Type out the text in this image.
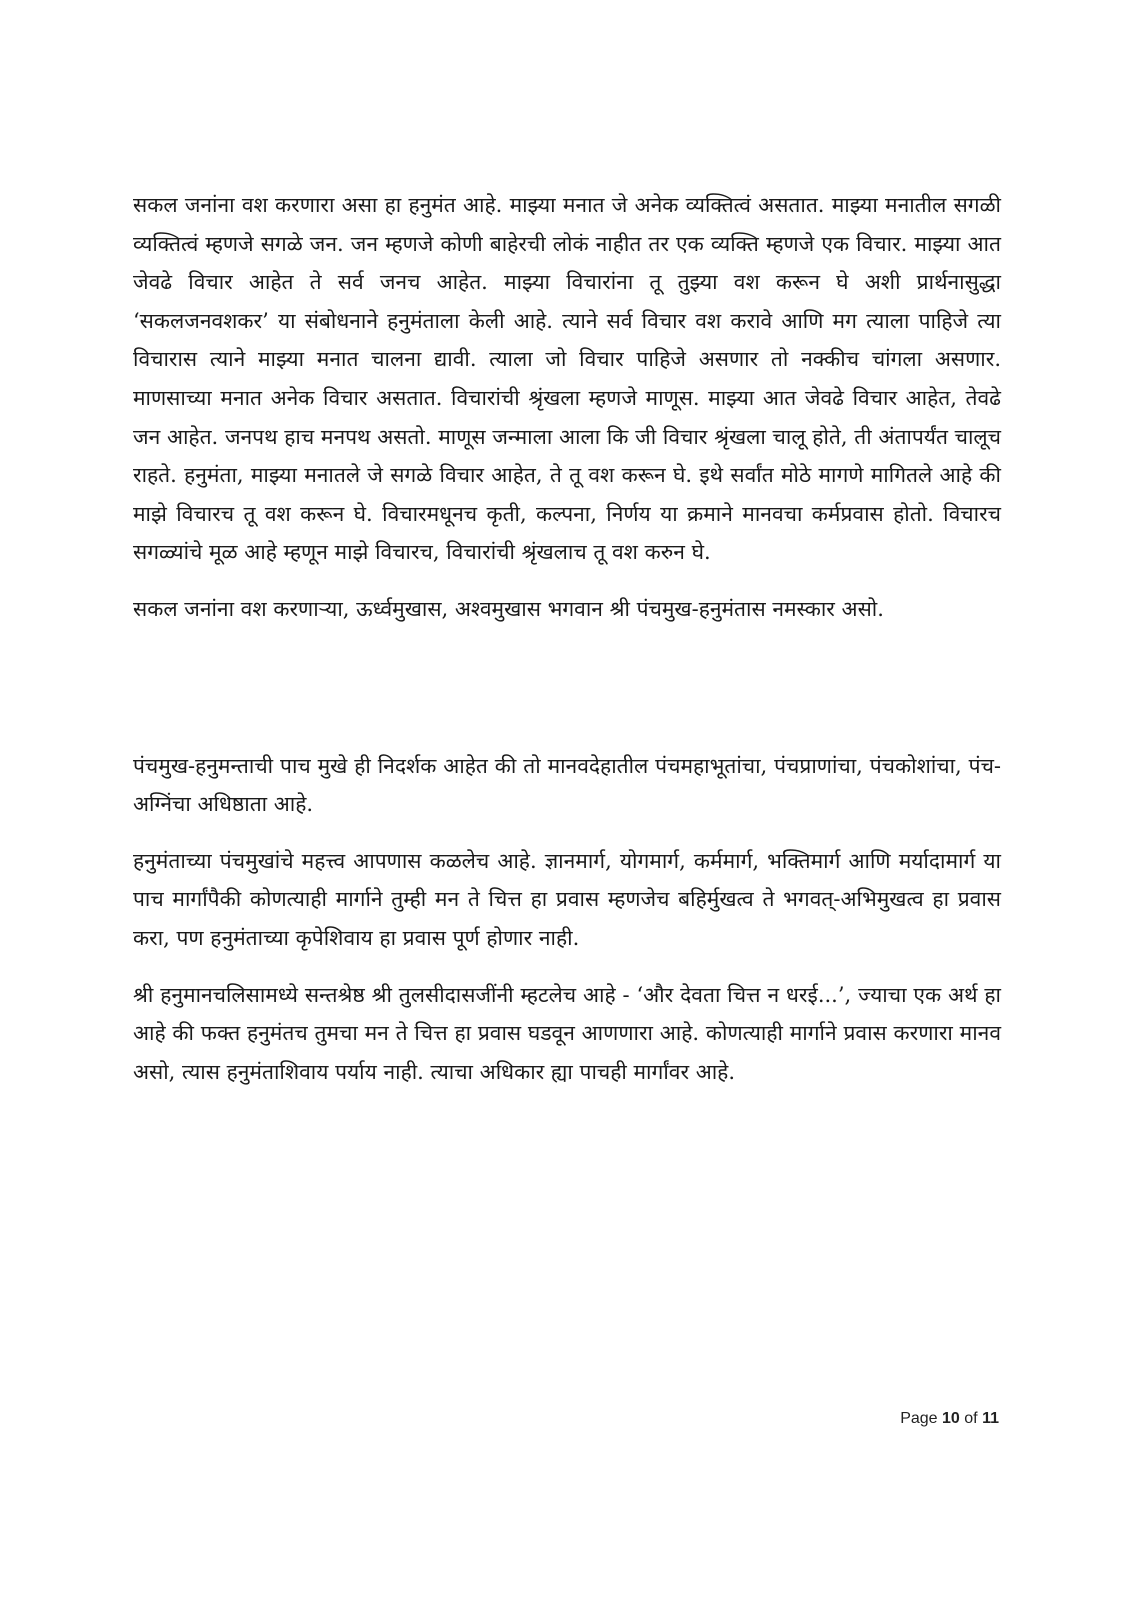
सकल जनांना वश करणारा असा हा हनुमंत आहे. माझ्या मनात जे अनेक व्यक्तित्वं असतात. माझ्या मनातील सगळी व्यक्तित्वं म्हणजे सगळे जन. जन म्हणजे कोणी बाहेरची लोकं नाहीत तर एक व्यक्ति म्हणजे एक विचार. माझ्या आत जेवढे विचार आहेत ते सर्व जनच आहेत. माझ्या विचारांना तू तुझ्या वश करून घे अशी प्रार्थनासुद्धा ‘सकलजनवशकर’ या संबोधनाने हनुमंताला केली आहे. त्याने सर्व विचार वश करावे आणि मग त्याला पाहिजे त्या विचारास त्याने माझ्या मनात चालना द्यावी. त्याला जो विचार पाहिजे असणार तो नक्कीच चांगला असणार. माणसाच्या मनात अनेक विचार असतात. विचारांची श्रृंखला म्हणजे माणूस. माझ्या आत जेवढे विचार आहेत, तेवढे जन आहेत. जनपथ हाच मनपथ असतो. माणूस जन्माला आला कि जी विचार श्रृंखला चालू होते, ती अंतापर्यंत चालूच राहते. हनुमंता, माझ्या मनातले जे सगळे विचार आहेत, ते तू वश करून घे. इथे सर्वांत मोठे मागणे मागितले आहे की माझे विचारच तू वश करून घे. विचारमधूनच कृती, कल्पना, निर्णय या क्रमाने मानवचा कर्मप्रवास होतो. विचारच सगळ्यांचे मूळ आहे म्हणून माझे विचारच, विचारांची श्रृंखलाच तू वश करुन घे.

सकल जनांना वश करणाऱ्या, ऊर्ध्वमुखास, अश्वमुखास भगवान श्री पंचमुख-हनुमंतास नमस्कार असो.

पंचमुख-हनुमन्ताची पाच मुखे ही निदर्शक आहेत की तो मानवदेहातील पंचमहाभूतांचा, पंचप्राणांचा, पंचकोशांचा, पंच-अग्निंचा अधिष्ठाता आहे.

हनुमंताच्या पंचमुखांचे महत्त्व आपणास कळलेच आहे. ज्ञानमार्ग, योगमार्ग, कर्ममार्ग, भक्तिमार्ग आणि मर्यादामार्ग या पाच मार्गांपैकी कोणत्याही मार्गाने तुम्ही मन ते चित्त हा प्रवास म्हणजेच बहिर्मुखत्व ते भगवत्-अभिमुखत्व हा प्रवास करा, पण हनुमंताच्या कृपेशिवाय हा प्रवास पूर्ण होणार नाही.

श्री हनुमानचलिसामध्ये सन्तश्रेष्ठ श्री तुलसीदासजींनी म्हटलेच आहे - ‘और देवता चित्त न धरई...’, ज्याचा एक अर्थ हा आहे की फक्त हनुमंतच तुमचा मन ते चित्त हा प्रवास घडवून आणणारा आहे. कोणत्याही मार्गाने प्रवास करणारा मानव असो, त्यास हनुमंताशिवाय पर्याय नाही. त्याचा अधिकार ह्या पाचही मार्गांवर आहे.

Page 10 of 11
